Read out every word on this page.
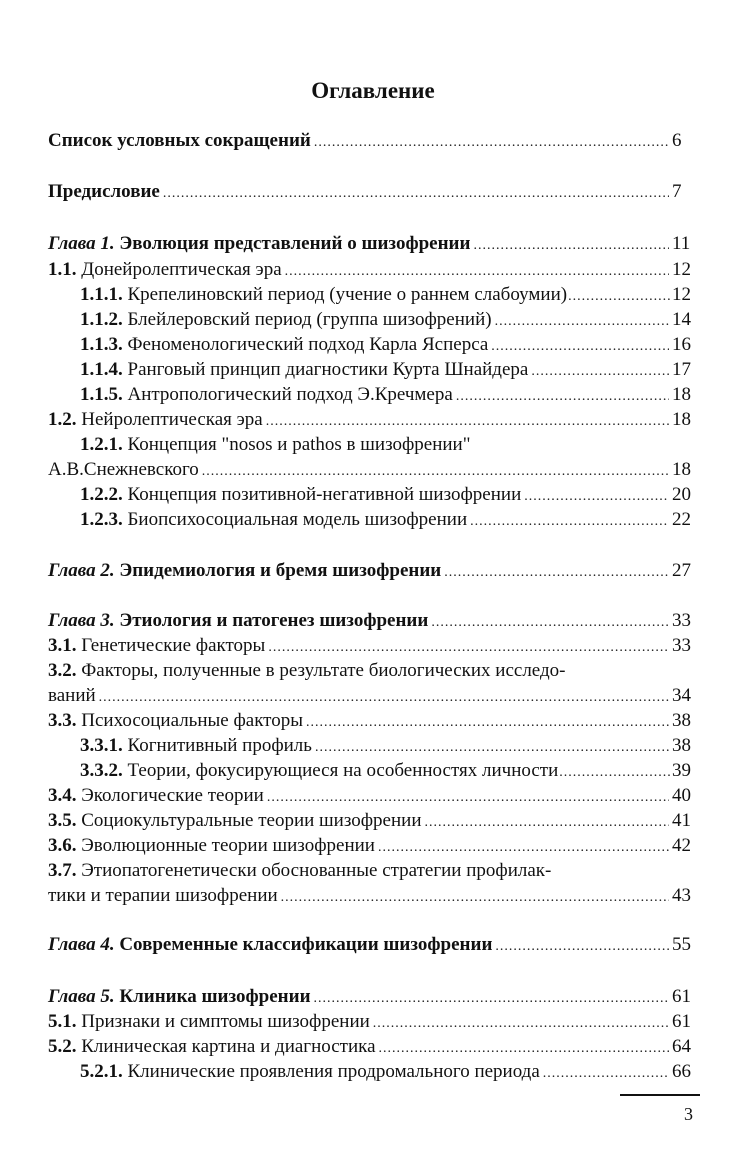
Оглавление
Список условных сокращений .....	6
Предисловие .....	7
Глава 1. Эволюция представлений о шизофрении .....	11
1.1. Донейролептическая эра .....	12
1.1.1. Крепелиновский период (учение о раннем слабоумии) .....	12
1.1.2. Блейлеровский период (группа шизофрений) .....	14
1.1.3. Феноменологический подход Карла Ясперса .....	16
1.1.4. Ранговый принцип диагностики Курта Шнайдера .....	17
1.1.5. Антропологический подход Э.Кречмера .....	18
1.2. Нейролептическая эра .....	18
1.2.1. Концепция "nosos и pathos в шизофрении"
А.В.Снежневского .....	18
1.2.2. Концепция позитивной-негативной шизофрении .....	20
1.2.3. Биопсихосоциальная модель шизофрении .....	22
Глава 2. Эпидемиология и бремя шизофрении .....	27
Глава 3. Этиология и патогенез шизофрении .....	33
3.1. Генетические факторы .....	33
3.2. Факторы, полученные в результате биологических исследо-
ваний .....	34
3.3. Психосоциальные факторы .....	38
3.3.1. Когнитивный профиль .....	38
3.3.2. Теории, фокусирующиеся на особенностях личности .....	39
3.4. Экологические теории .....	40
3.5. Социокультуральные теории шизофрении .....	41
3.6. Эволюционные теории шизофрении .....	42
3.7. Этиопатогенетически обоснованные стратегии профилак-
тики и терапии шизофрении .....	43
Глава 4. Современные классификации шизофрении .....	55
Глава 5. Клиника шизофрении .....	61
5.1. Признаки и симптомы шизофрении .....	61
5.2. Клиническая картина и диагностика .....	64
5.2.1. Клинические проявления продромального периода .....	66
3
